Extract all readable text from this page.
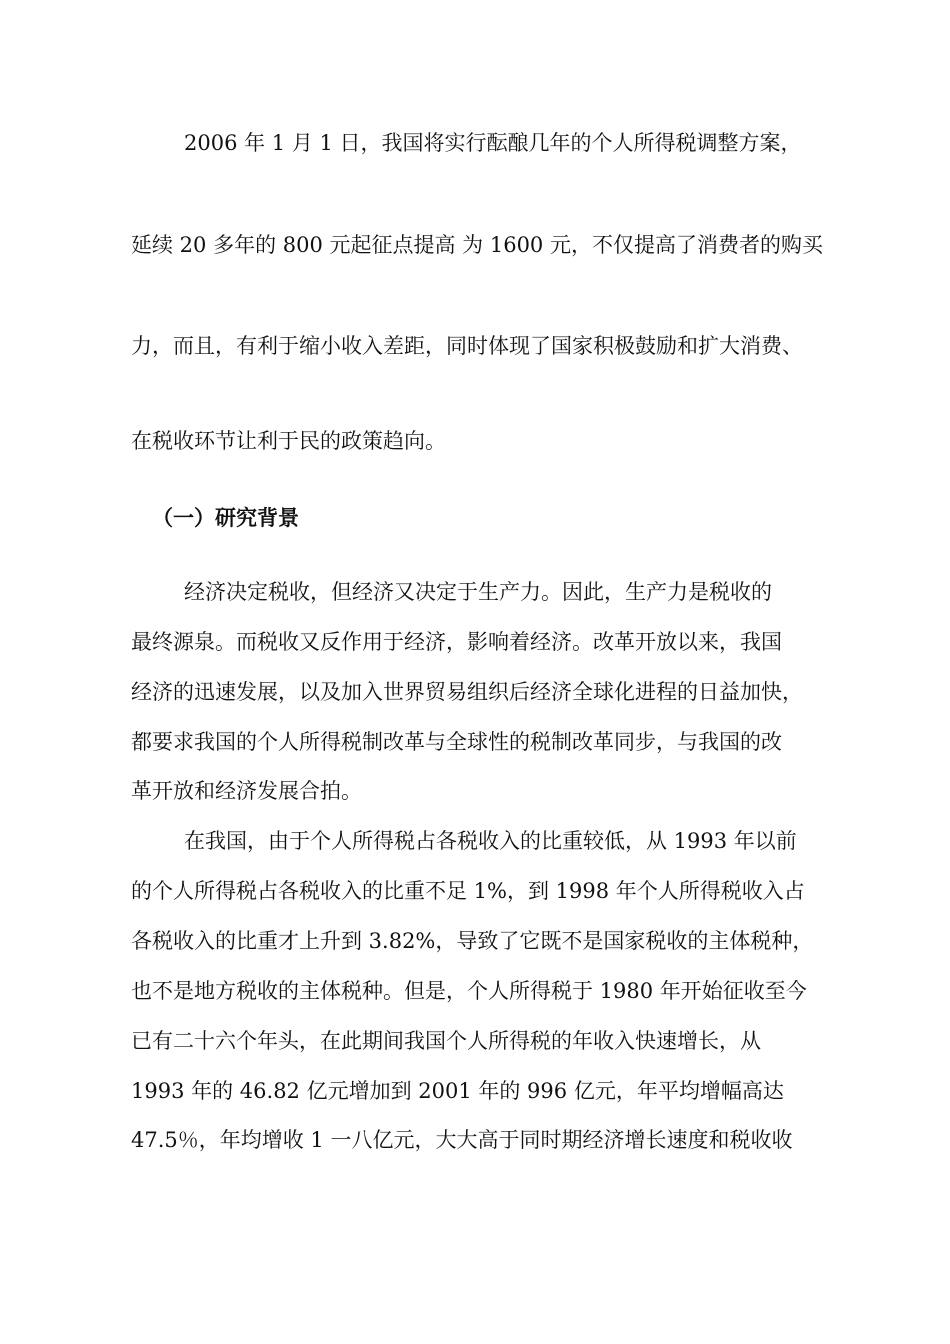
2006 年 1 月 1 日，我国将实行酝酿几年的个人所得税调整方案，
延续 20 多年的 800 元起征点提高 为 1600 元，不仅提高了消费者的购买
力，而且，有利于缩小收入差距，同时体现了国家积极鼓励和扩大消费、
在税收环节让利于民的政策趋向。
（一）研究背景
经济决定税收，但经济又决定于生产力。因此，生产力是税收的
最终源泉。而税收又反作用于经济，影响着经济。改革开放以来，我国
经济的迅速发展，以及加入世界贸易组织后经济全球化进程的日益加快，
都要求我国的个人所得税制改革与全球性的税制改革同步，与我国的改
革开放和经济发展合拍。
在我国，由于个人所得税占各税收入的比重较低，从 1993 年以前
的个人所得税占各税收入的比重不足 1%，到 1998 年个人所得税收入占
各税收入的比重才上升到 3.82%，导致了它既不是国家税收的主体税种，
也不是地方税收的主体税种。但是，个人所得税于 1980 年开始征收至今
已有二十六个年头，在此期间我国个人所得税的年收入快速增长，从
1993 年的 46.82 亿元增加到 2001 年的 996 亿元，年平均增幅高达
47.5％，年均增收 1 一八亿元，大大高于同时期经济增长速度和税收收
